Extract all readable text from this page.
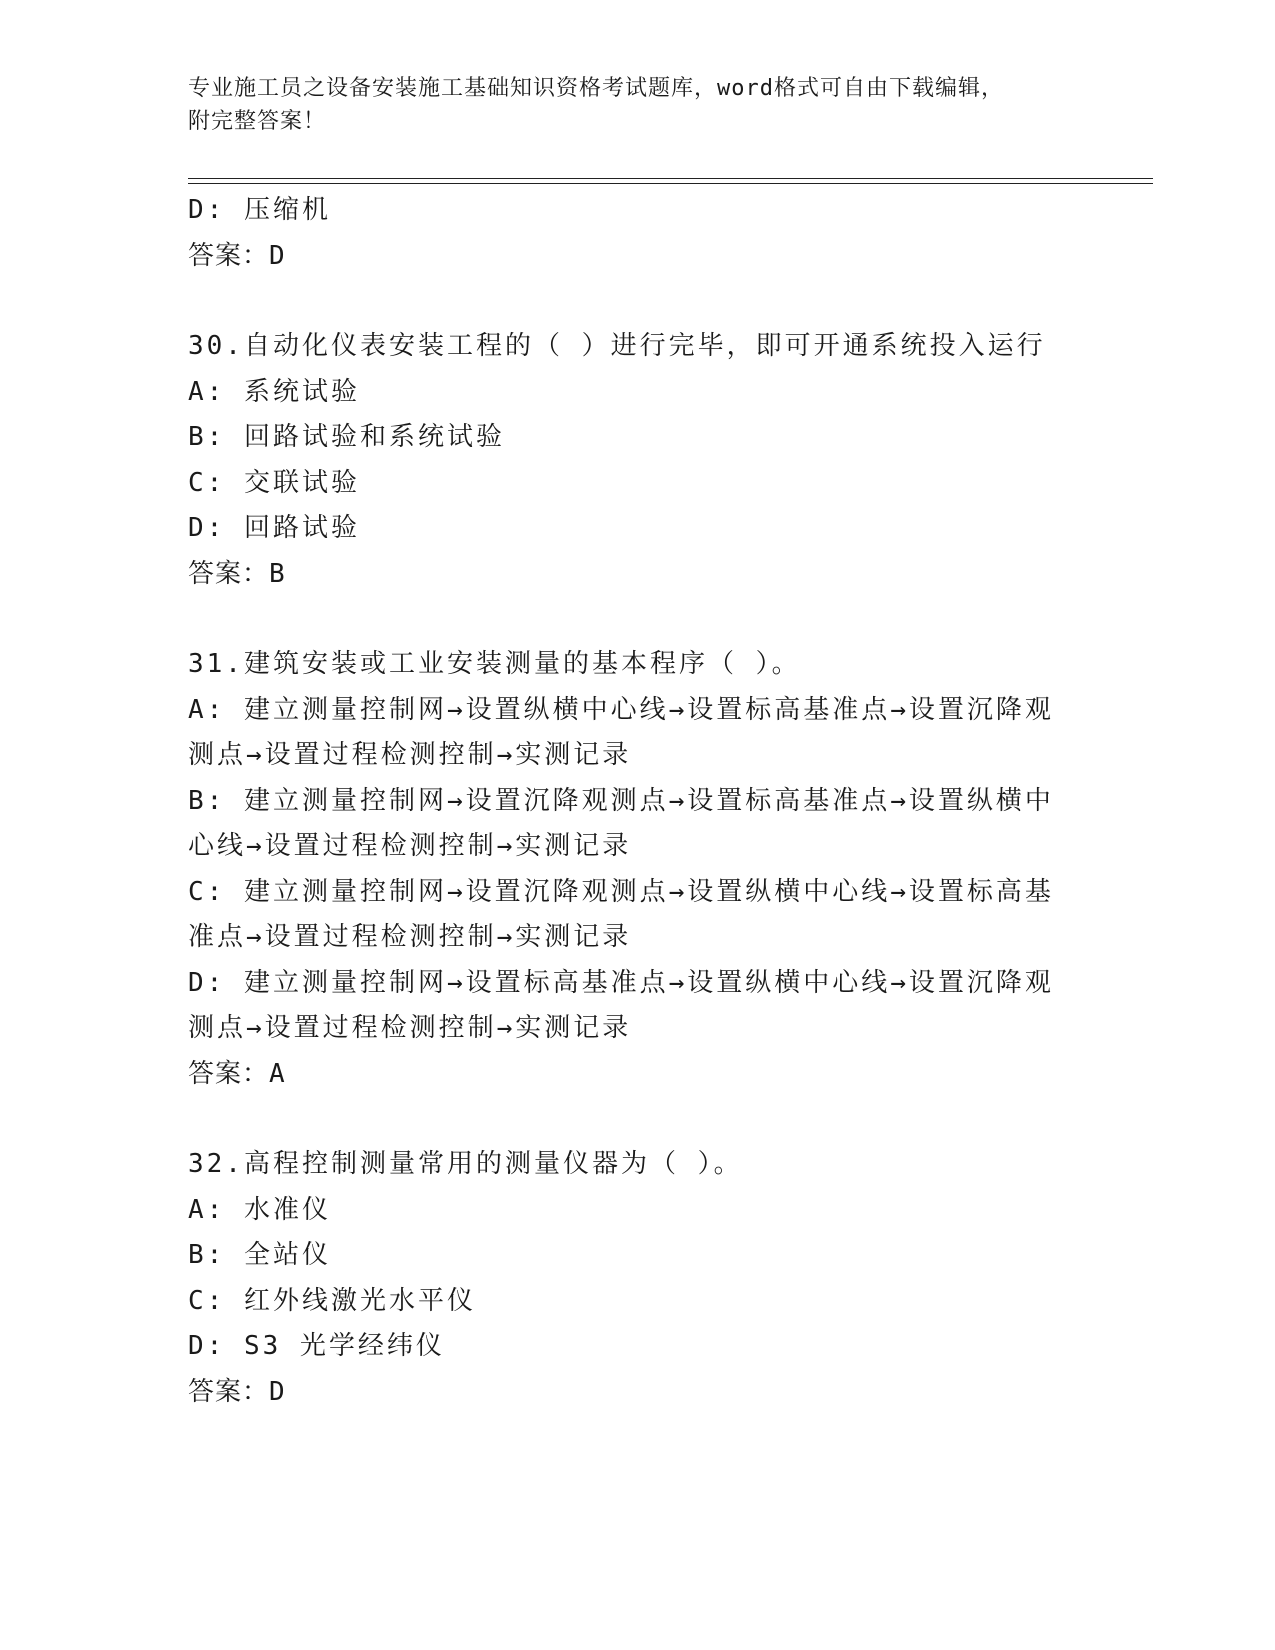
专业施工员之设备安装施工基础知识资格考试题库，word格式可自由下载编辑，
附完整答案！
D: 压缩机
答案：D
30.自动化仪表安装工程的（ ）进行完毕，即可开通系统投入运行
A: 系统试验
B: 回路试验和系统试验
C: 交联试验
D: 回路试验
答案：B
31.建筑安装或工业安装测量的基本程序（ ）。
A: 建立测量控制网→设置纵横中心线→设置标高基准点→设置沉降观
测点→设置过程检测控制→实测记录
B: 建立测量控制网→设置沉降观测点→设置标高基准点→设置纵横中
心线→设置过程检测控制→实测记录
C: 建立测量控制网→设置沉降观测点→设置纵横中心线→设置标高基
准点→设置过程检测控制→实测记录
D: 建立测量控制网→设置标高基准点→设置纵横中心线→设置沉降观
测点→设置过程检测控制→实测记录
答案：A
32.高程控制测量常用的测量仪器为（ ）。
A: 水准仪
B: 全站仪
C: 红外线激光水平仪
D: S3 光学经纬仪
答案：D
